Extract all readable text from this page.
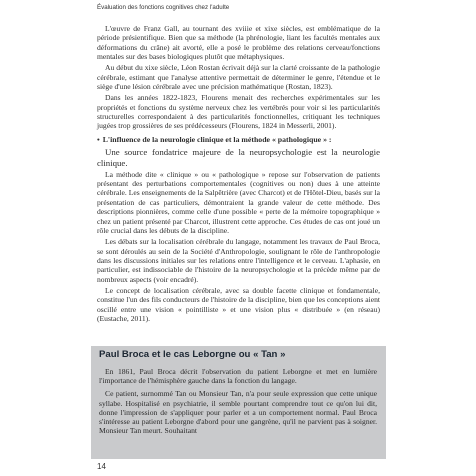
Évaluation des fonctions cognitives chez l'adulte

L'œuvre de Franz Gall, au tournant des xviiie et xixe siècles, est emblématique de la période présientifique. Bien que sa méthode (la phrénologie, liant les facultés mentales aux déformations du crâne) ait avorté, elle a posé le problème des relations cerveau/fonctions mentales sur des bases biologiques plutôt que métaphysiques.

Au début du xixe siècle, Léon Rostan écrivait déjà sur la clarté croissante de la pathologie cérébrale, estimant que l'analyse attentive permettait de déterminer le genre, l'étendue et le siège d'une lésion cérébrale avec une précision mathématique (Rostan, 1823).

Dans les années 1822-1823, Flourens menait des recherches expérimentales sur les propriétés et fonctions du système nerveux chez les vertébrés pour voir si les particularités structurelles correspondaient à des particularités fonctionnelles, critiquant les techniques jugées trop grossières de ses prédécesseurs (Flourens, 1824 in Messerli, 2001).

• L'influence de la neurologie clinique et la méthode « pathologique » :

Une source fondatrice majeure de la neuropsychologie est la neurologie clinique.

La méthode dite « clinique » ou « pathologique » repose sur l'observation de patients présentant des perturbations comportementales (cognitives ou non) dues à une atteinte cérébrale. Les enseignements de la Salpêtrière (avec Charcot) et de l'Hôtel-Dieu, basés sur la présentation de cas particuliers, démontraient la grande valeur de cette méthode. Des descriptions pionnières, comme celle d'une possible « perte de la mémoire topographique » chez un patient présenté par Charcot, illustrent cette approche. Ces études de cas ont joué un rôle crucial dans les débuts de la discipline.

Les débats sur la localisation cérébrale du langage, notamment les travaux de Paul Broca, se sont déroulés au sein de la Société d'Anthropologie, soulignant le rôle de l'anthropologie dans les discussions initiales sur les relations entre l'intelligence et le cerveau. L'aphasie, en particulier, est indissociable de l'histoire de la neuropsychologie et la précède même par de nombreux aspects (voir encadré).

Le concept de localisation cérébrale, avec sa double facette clinique et fondamentale, constitue l'un des fils conducteurs de l'histoire de la discipline, bien que les conceptions aient oscillé entre une vision « pointilliste » et une vision plus « distribuée » (en réseau) (Eustache, 2011).

Paul Broca et le cas Leborgne ou « Tan »

En 1861, Paul Broca décrit l'observation du patient Leborgne et met en lumière l'importance de l'hémisphère gauche dans la fonction du langage.

Ce patient, surnommé Tan ou Monsieur Tan, n'a pour seule expression que cette unique syllabe. Hospitalisé en psychiatrie, il semble pourtant comprendre tout ce qu'on lui dit, donne l'impression de s'appliquer pour parler et a un comportement normal. Paul Broca s'intéresse au patient Leborgne d'abord pour une gangrène, qu'il ne parvient pas à soigner. Monsieur Tan meurt. Souhaitant

14
